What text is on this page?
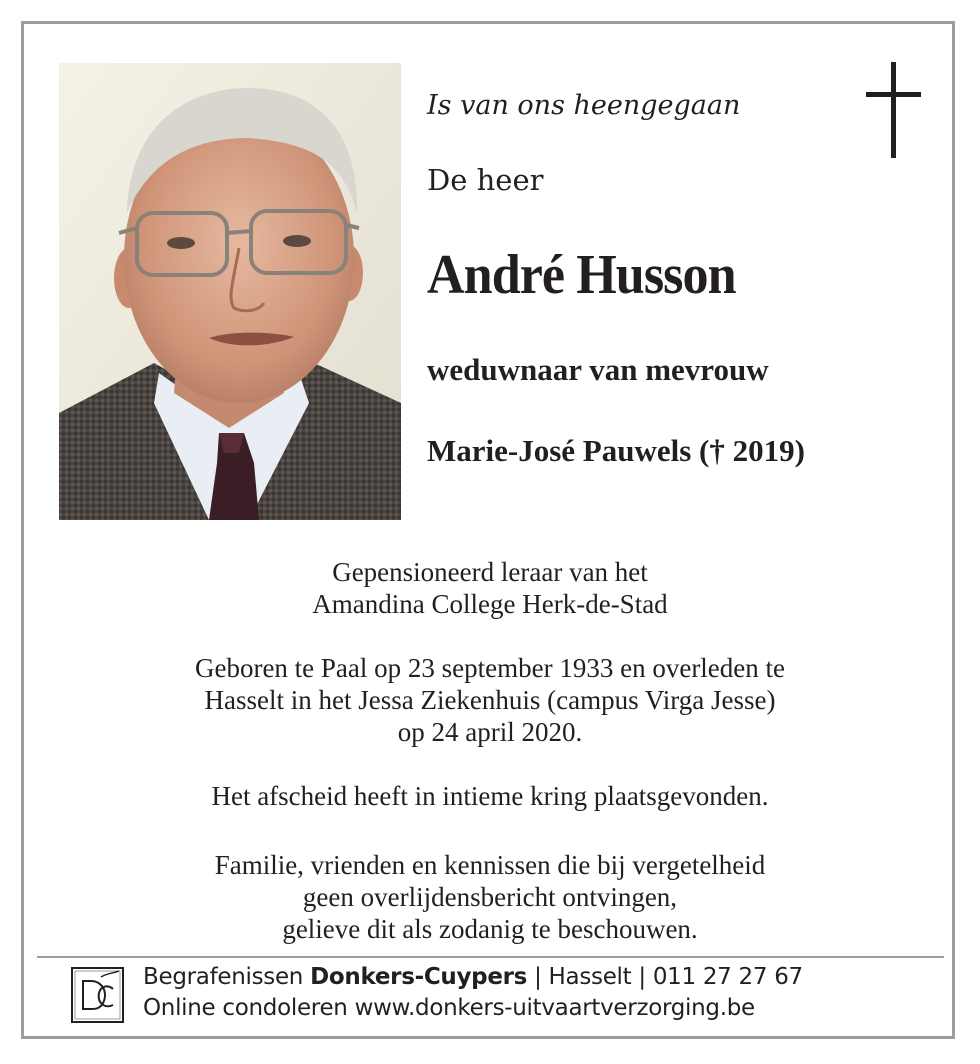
Is van ons heengegaan
De heer
André Husson
weduwnaar van mevrouw
Marie-José Pauwels († 2019)
Gepensioneerd leraar van het
Amandina College Herk-de-Stad
Geboren te Paal op 23 september 1933 en overleden te
Hasselt in het Jessa Ziekenhuis (campus Virga Jesse)
op 24 april 2020.
Het afscheid heeft in intieme kring plaatsgevonden.
Familie, vrienden en kennissen die bij vergetelheid
geen overlijdensbericht ontvingen,
gelieve dit als zodanig te beschouwen.
Begrafenissen Donkers-Cuypers | Hasselt | 011 27 27 67
Online condoleren www.donkers-uitvaartverzorging.be
